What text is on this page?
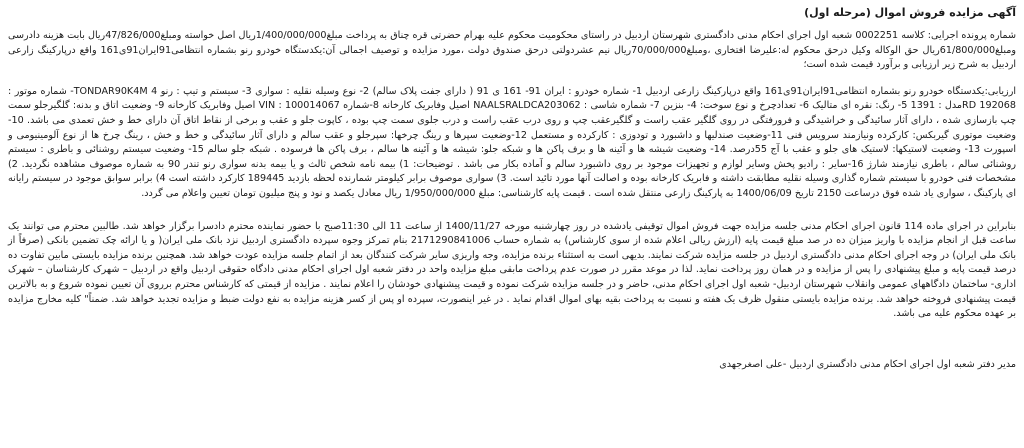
آگهی مزایده فروش اموال (مرحله اول)

شماره پرونده اجرایی: کلاسه 0002251 شعبه اول اجرای احکام مدنی دادگستری شهرستان اردبیل در راستای محکومیت محکوم علیه بهرام حضرتی قره چناق به پرداخت مبلغ1/400/000/000ریال اصل خواسته ومبلغ47/826/000ریال بابت هزینه دادرسی ومبلغ61/800/000ریال حق الوکاله وکیل درحق محکوم له:علیرضا افتخاری ،ومبلغ70/000/000ریال نیم عشردولتی درحق صندوق دولت ،مورد مزایده و توصیف اجمالی آن:یکدستگاه خودرو رنو بشماره انتظامی91ایران91ی161 واقع درپارکینگ زارعی اردبیل به شرح زیر ارزیابی و برآورد قیمت شده است؛

ارزیابی:یکدستگاه خودرو رنو بشماره انتظامی91ایران91ی161 واقع درپارکینگ زارعی اردبیل 1- شماره خودرو : ایران 91- 161 ی 91 ( دارای جفت پلاک سالم) 2- نوع وسیله نقلیه : سواری 3- سیستم و تیپ : رنو TONDAR90K4M 4- شماره موتور : 192068 RDمدل : 1391 5- رنگ: نقره ای متالیک 6- تعداد‌چرخ و نوع سوخت: 4- بنزین 7- شماره شاسی : NAALSRALDCA203062 اصیل وفابریک کارخانه 8-شماره VIN : 100014067 اصیل وفابریک کارخانه 9- وضعیت اتاق و بدنه: گلگیرجلو سمت چپ بازسازی شده ، دارای آثار سائیدگی و خراشیدگی و فرورفتگی در روی گلگیر عقب راست و گلگیرعقب چپ و روی درب عقب راست و درب جلوی سمت چپ بوده ، کاپوت جلو و عقب و برخی از نقاط اتاق آن دارای خط و خش تعمدی می باشد. 10- وضعیت موتوری گیربکس: کارکرده ونیازمند سرویس فنی 11-وضعیت صندلیها و داشبورد و تودوزی : کارکرده و مستعمل 12-وضعیت سپرها و رینگ چرخها: سپرجلو و عقب سالم و دارای آثار سائیدگی و خط و خش ، رینگ چرخ ها از نوع آلومینیومی و اسپورت 13- وضعیت لاستیکها: لاستیک های جلو و عقب با آج 55درصد. 14- وضعیت شیشه ها و آئینه ها و برف پاکن ها و شبکه جلو: شیشه ها و آئینه ها سالم ، برف پاکن ها فرسوده . شبکه جلو سالم 15- وضعیت سیستم روشنائی و باطری : سیستم روشنائی سالم ، باطری نیازمند شارژ 16-سایر : رادیو پخش وسایر لوازم و تجهیزات موجود بر روی داشبورد سالم و آماده بکار می باشد . توضیحات: 1) بیمه نامه شخص ثالث و یا بیمه بدنه سواری رنو تندر 90 به شماره موصوف مشاهده نگردید. 2) مشخصات فنی خودرو با سیستم شماره گذاری وسیله نقلیه مطابقت داشته و فابریک کارخانه بوده و اصالت آنها مورد تائید است. 3) سواری موصوف برابر کیلومتر شمارنده لحظه بازدید 189445 کارکرد داشته است 4) برابر سوابق موجود در سیستم رایانه ای پارکینگ ، سواری یاد شده فوق درساعت 2150 تاریخ 1400/06/09 به پارکینگ زارعی منتقل شده است . قیمت پایه کارشناسی: مبلغ 1/950/000/000 ریال معادل یکصد و نود و پنج میلیون تومان تعیین واعلام می گردد.

بنابراین در اجرای ماده 114 قانون اجرای احکام مدنی جلسه مزایده جهت فروش اموال توقیفی یادشده در روز چهارشنبه مورخه 1400/11/27 از ساعت 11 الی 11:30صبح با حضور نماینده محترم دادسرا برگزار خواهد شد. طالبین محترم می توانند یک ساعت قبل از انجام مزایده با واریز میزان ده در صد مبلغ قیمت پایه (ارزش ریالی اعلام شده از سوی کارشناس) به شماره حساب 2171290841006 بنام تمرکز وجوه سپرده دادگستری اردبیل نزد بانک ملی ایران( و یا ارائه چک تضمین بانکی (صرفاً از بانک ملی ایران) در وجه اجرای احکام مدنی دادگستری اردبیل در جلسه مزایده شرکت نمایند. بدیهی است به استثناء برنده مزایده، وجه واریزی سایر شرکت کنندگان بعد از اتمام جلسه مزایده عودت خواهد شد. همچنین برنده مزایده بایستی مابین تفاوت ده درصد قیمت پایه و مبلغ پیشنهادی را پس از مزایده و در همان روز پرداخت نماید. لذا در موعد مقرر در صورت عدم پرداخت مابقی مبلغ مزایده واحد در دفتر شعبه اول اجرای احکام مدنی دادگاه حقوقی اردبیل واقع در اردبیل – شهرک کارشناسان – شهرک اداری- ساختمان دادگاههای عمومی وانقلاب شهرستان اردبیل- شعبه اول اجرای احکام مدنی، حاضر و در جلسه مزایده شرکت نموده و قیمت پیشنهادی خودشان را اعلام نمایند . مزایده از قیمتی که کارشناس محترم برروی آن تعیین نموده شروع و به بالاترین قیمت پیشنهادی فروخته خواهد شد. برنده مزایده بایستی منقول ظرف یک هفته و نسبت به پرداخت بقیه بهای اموال اقدام نماید . در غیر اینصورت، سپرده او پس از کسر هزینه مزایده به نفع دولت ضبط و مزایده تجدید خواهد شد. ضمناً" کلیه مخارج مزایده بر عهده محکوم علیه می باشد.

مدیر دفتر شعبه اول اجرای احکام مدنی دادگستری اردبیل -علی اصغرجهدی
